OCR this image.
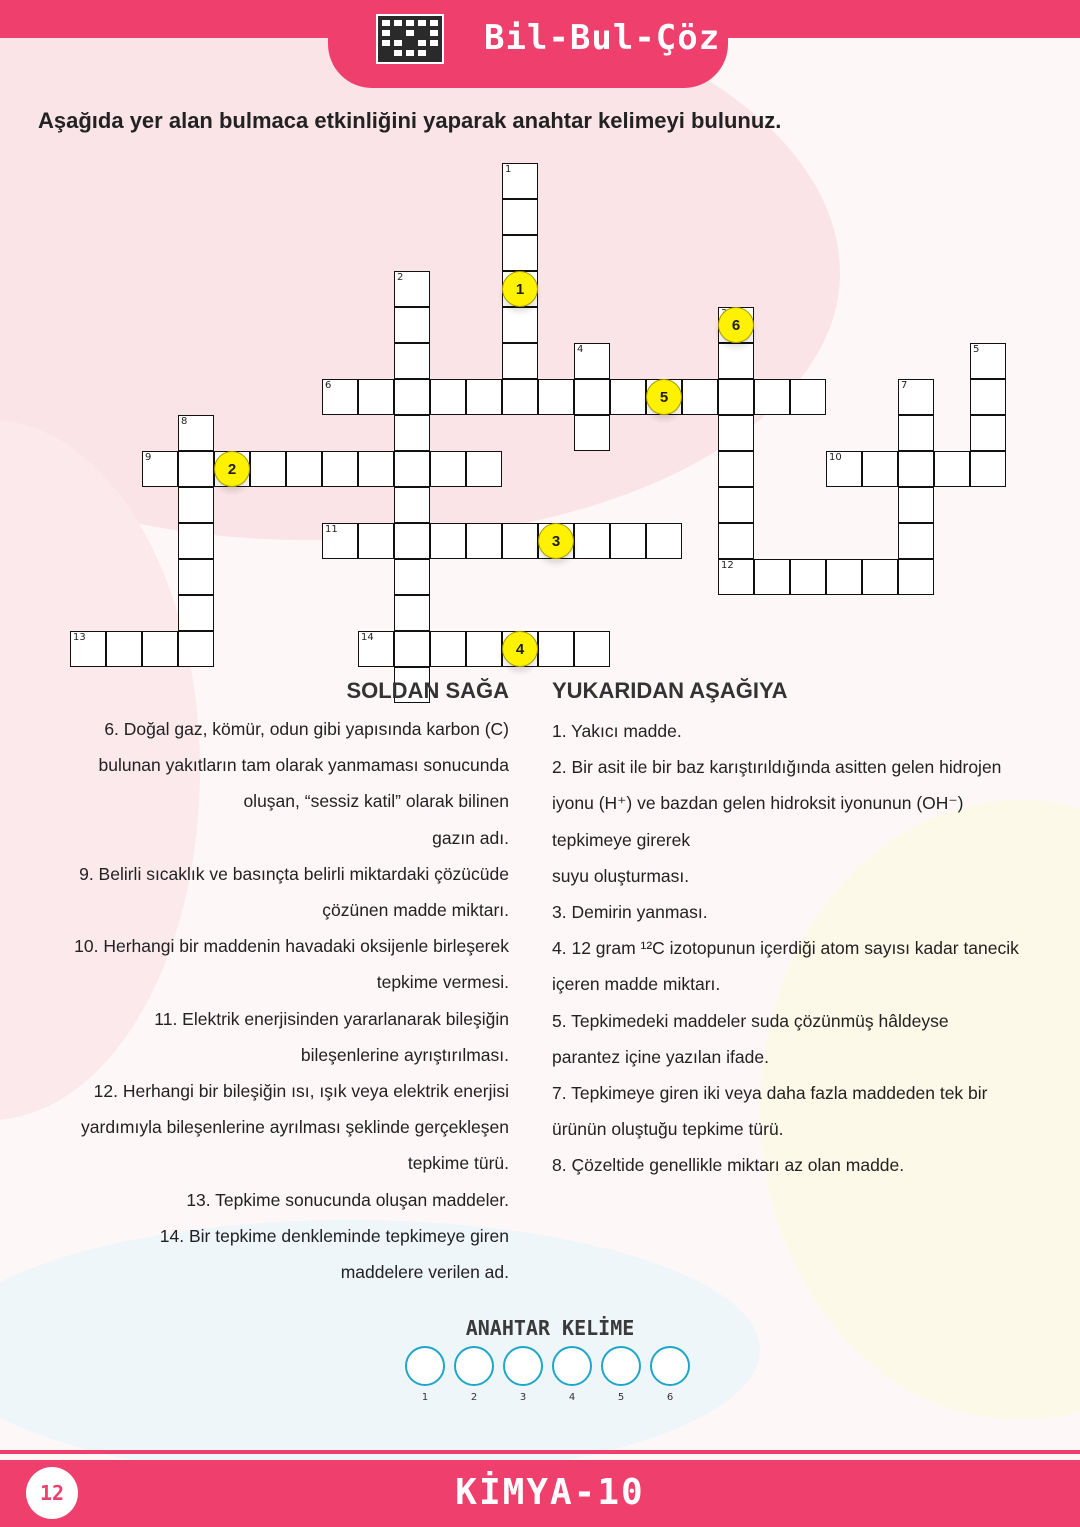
Bil-Bul-Çöz
Aşağıda yer alan bulmaca etkinliğini yaparak anahtar kelimeyi bulunuz.
1
2
4	5
6	7
8
9	10
11
12
13	14
1
2
3
4
5
6
SOLDAN SAĞA YUKARIDAN AŞAĞIYA
6. Doğal gaz, kömür, odun gibi yapısında karbon (C)
bulunan yakıtların tam olarak yanmaması sonucunda
oluşan, “sessiz katil” olarak bilinen
gazın adı.
9. Belirli sıcaklık ve basınçta belirli miktardaki çözücüde
çözünen madde miktarı.
10. Herhangi bir maddenin havadaki oksijenle birleşerek
tepkime vermesi.
11. Elektrik enerjisinden yararlanarak bileşiğin
bileşenlerine ayrıştırılması.
12. Herhangi bir bileşiğin ısı, ışık veya elektrik enerjisi
yardımıyla bileşenlerine ayrılması şeklinde gerçekleşen
tepkime türü.
13. Tepkime sonucunda oluşan maddeler.
14. Bir tepkime denkleminde tepkimeye giren
maddelere verilen ad.
1. Yakıcı madde.
2. Bir asit ile bir baz karıştırıldığında asitten gelen hidrojen
iyonu (H⁺) ve bazdan gelen hidroksit iyonunun (OH⁻)
tepkimeye girerek
suyu oluşturması.
3. Demirin yanması.
4. 12 gram ¹²C izotopunun içerdiği atom sayısı kadar tanecik
içeren madde miktarı.
5. Tepkimedeki maddeler suda çözünmüş hâldeyse
parantez içine yazılan ifade.
7. Tepkimeye giren iki veya daha fazla maddeden tek bir
ürünün oluştuğu tepkime türü.
8. Çözeltide genellikle miktarı az olan madde.
ANAHTAR KELİME
1	2	3	4	5	6
12	KİMYA-10
